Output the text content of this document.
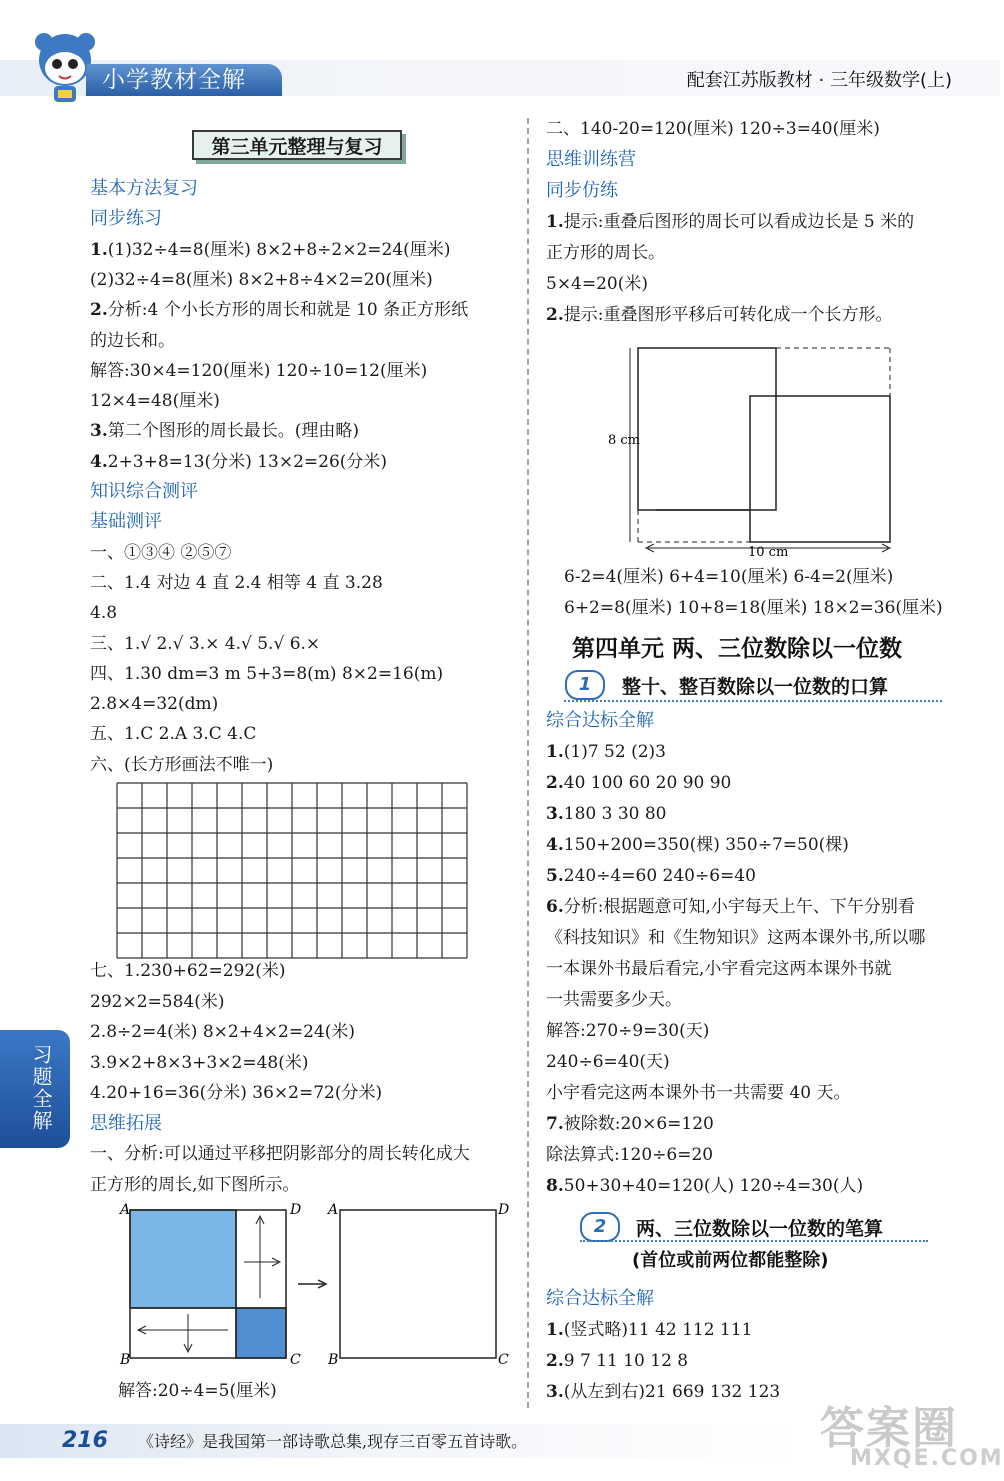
小学教材全解	配套江苏版教材 · 三年级数学(上)
第三单元整理与复习
基本方法复习
同步练习
1.(1)32÷4=8(厘米) 8×2+8÷2×2=24(厘米)
(2)32÷4=8(厘米) 8×2+8÷4×2=20(厘米)
2.分析:4 个小长方形的周长和就是 10 条正方形纸
的边长和。
解答:30×4=120(厘米) 120÷10=12(厘米)
12×4=48(厘米)
3.第二个图形的周长最长。(理由略)
4.2+3+8=13(分米) 13×2=26(分米)
知识综合测评
基础测评
一、①③④ ②⑤⑦
二、1.4 对边 4 直 2.4 相等 4 直 3.28
4.8
三、1.√ 2.√ 3.× 4.√ 5.√ 6.×
四、1.30 dm=3 m 5+3=8(m) 8×2=16(m)
2.8×4=32(dm)
五、1.C 2.A 3.C 4.C
六、(长方形画法不唯一)
七、1.230+62=292(米)
292×2=584(米)
2.8÷2=4(米) 8×2+4×2=24(米)
3.9×2+8×3+3×2=48(米)
4.20+16=36(分米) 36×2=72(分米)
思维拓展
一、分析:可以通过平移把阴影部分的周长转化成大
正方形的周长,如下图所示。
A
B	C
D A
B	C
D
解答:20÷4=5(厘米)
二、140-20=120(厘米) 120÷3=40(厘米)
思维训练营
同步仿练
1.提示:重叠后图形的周长可以看成边长是 5 米的
正方形的周长。
5×4=20(米)
2.提示:重叠图形平移后可转化成一个长方形。
8 cm
10 cm
6-2=4(厘米) 6+4=10(厘米) 6-4=2(厘米)
6+2=8(厘米) 10+8=18(厘米) 18×2=36(厘米)
第四单元 两、三位数除以一位数
1	整十、整百数除以一位数的口算
综合达标全解
1.(1)7 52 (2)3
2.40 100 60 20 90 90
3.180 3 30 80
4.150+200=350(棵) 350÷7=50(棵)
5.240÷4=60 240÷6=40
6.分析:根据题意可知,小宇每天上午、下午分别看
《科技知识》和《生物知识》这两本课外书,所以哪
一本课外书最后看完,小宇看完这两本课外书就
一共需要多少天。
解答:270÷9=30(天)
240÷6=40(天)
小宇看完这两本课外书一共需要 40 天。
7.被除数:20×6=120
除法算式:120÷6=20
8.50+30+40=120(人) 120÷4=30(人)
2	两、三位数除以一位数的笔算
(首位或前两位都能整除)
综合达标全解
1.(竖式略)11 42 112 111
2.9 7 11 10 12 8
3.(从左到右)21 669 132 123
习题全解
216 《诗经》是我国第一部诗歌总集,现存三百零五首诗歌。	答案圈
MXQE.COM
